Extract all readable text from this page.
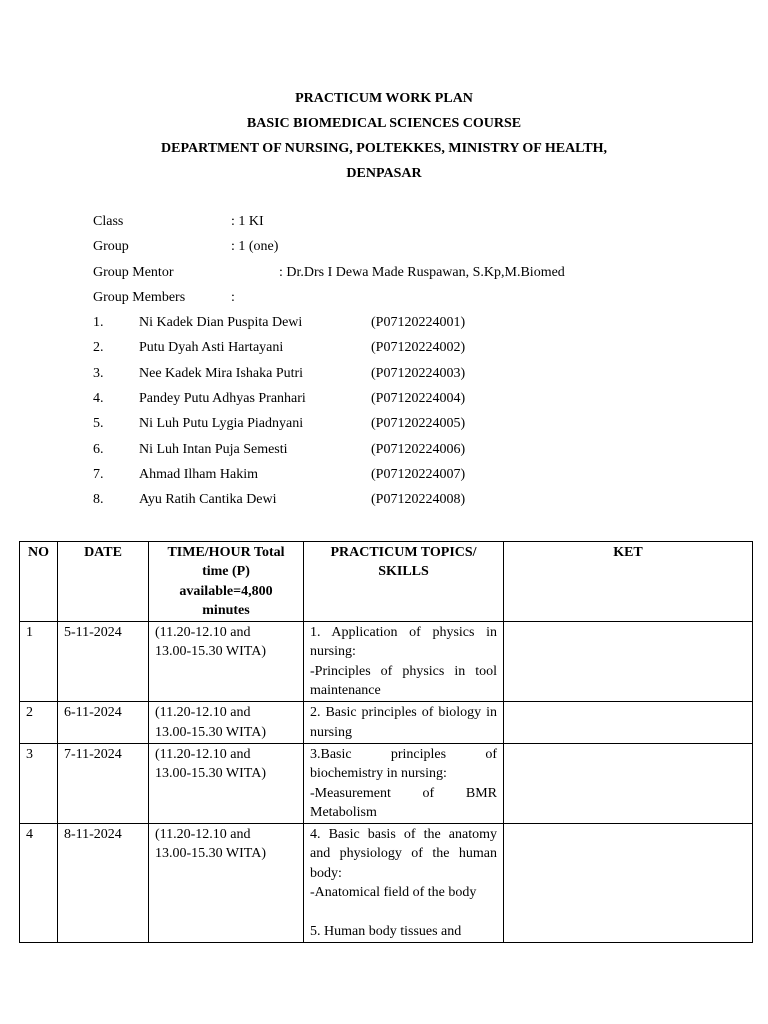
PRACTICUM WORK PLAN
BASIC BIOMEDICAL SCIENCES COURSE
DEPARTMENT OF NURSING, POLTEKKES, MINISTRY OF HEALTH,
DENPASAR
Class	: 1 KI
Group	: 1 (one)
Group Mentor	: Dr.Drs I Dewa Made Ruspawan, S.Kp,M.Biomed
Group Members	:
1.	Ni Kadek Dian Puspita Dewi	(P07120224001)
2.	Putu Dyah Asti Hartayani	(P07120224002)
3.	Nee Kadek Mira Ishaka Putri	(P07120224003)
4.	Pandey Putu Adhyas Pranhari	(P07120224004)
5.	Ni Luh Putu Lygia Piadnyani	(P07120224005)
6.	Ni Luh Intan Puja Semesti	(P07120224006)
7.	Ahmad Ilham Hakim	(P07120224007)
8.	Ayu Ratih Cantika Dewi	(P07120224008)
NO	DATE	TIME/HOUR Total time (P) available=4,800 minutes	PRACTICUM TOPICS/ SKILLS	KET
1	5-11-2024	(11.20-12.10 and
13.00-15.30 WITA)	1. Application of physics in nursing:
-Principles of physics in tool maintenance	

2	6-11-2024	(11.20-12.10 and
13.00-15.30 WITA)	2. Basic principles of biology in nursing	

3	7-11-2024	(11.20-12.10 and
13.00-15.30 WITA)	3.Basic principles of biochemistry in nursing:
-Measurement of BMR Metabolism	

4	8-11-2024	(11.20-12.10 and
13.00-15.30 WITA)	4. Basic basis of the anatomy and physiology of the human body:
-Anatomical field of the body
5. Human body tissues and	
